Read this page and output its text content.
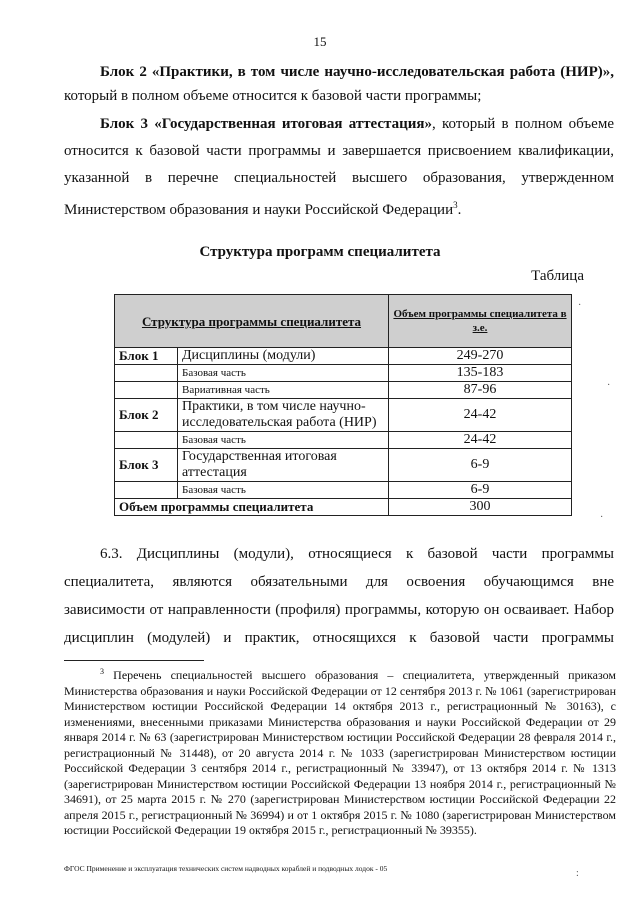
15
Блок 2 «Практики, в том числе научно-исследовательская работа (НИР)»,
который в полном объеме относится к базовой части программы;
Блок 3 «Государственная итоговая аттестация», который в полном объеме
относится к базовой части программы и завершается присвоением квалификации,
указанной в перечне специальностей высшего образования, утвержденном
Министерством образования и науки Российской Федерации$^3$.
Структура программ специалитета
Таблица
Структура программы специалитета		Объем программы специалитета в з.е.
Блок 1	Дисциплины (модули)	249-270
	Базовая часть	135-183
	Вариативная часть	87-96
Блок 2	Практики, в том числе научно-исследовательская работа (НИР)	24-42
	Базовая часть	24-42
Блок 3	Государственная итоговая аттестация	6-9
	Базовая часть	6-9
Объем программы специалитета		300
6.3. Дисциплины (модули), относящиеся к базовой части программы
специалитета, являются обязательными для освоения обучающимся вне
зависимости от направленности (профиля) программы, которую он осваивает. Набор
дисциплин (модулей) и практик, относящихся к базовой части программы
$^3$ Перечень специальностей высшего образования – специалитета, утвержденный приказом Министерства образования и науки Российской Федерации от 12 сентября 2013 г. № 1061 (зарегистрирован Министерством юстиции Российской Федерации 14 октября 2013 г., регистрационный № 30163), с изменениями, внесенными приказами Министерства образования и науки Российской Федерации от 29 января 2014 г. № 63 (зарегистрирован Министерством юстиции Российской Федерации 28 февраля 2014 г., регистрационный № 31448), от 20 августа 2014 г. № 1033 (зарегистрирован Министерством юстиции Российской Федерации 3 сентября 2014 г., регистрационный № 33947), от 13 октября 2014 г. № 1313 (зарегистрирован Министерством юстиции Российской Федерации 13 ноября 2014 г., регистрационный № 34691), от 25 марта 2015 г. № 270 (зарегистрирован Министерством юстиции Российской Федерации 22 апреля 2015 г., регистрационный № 36994) и от 1 октября 2015 г. № 1080 (зарегистрирован Министерством юстиции Российской Федерации 19 октября 2015 г., регистрационный № 39355).
ФГОС Применение и эксплуатация технических систем надводных кораблей и подводных лодок - 05
·
·
·
:
